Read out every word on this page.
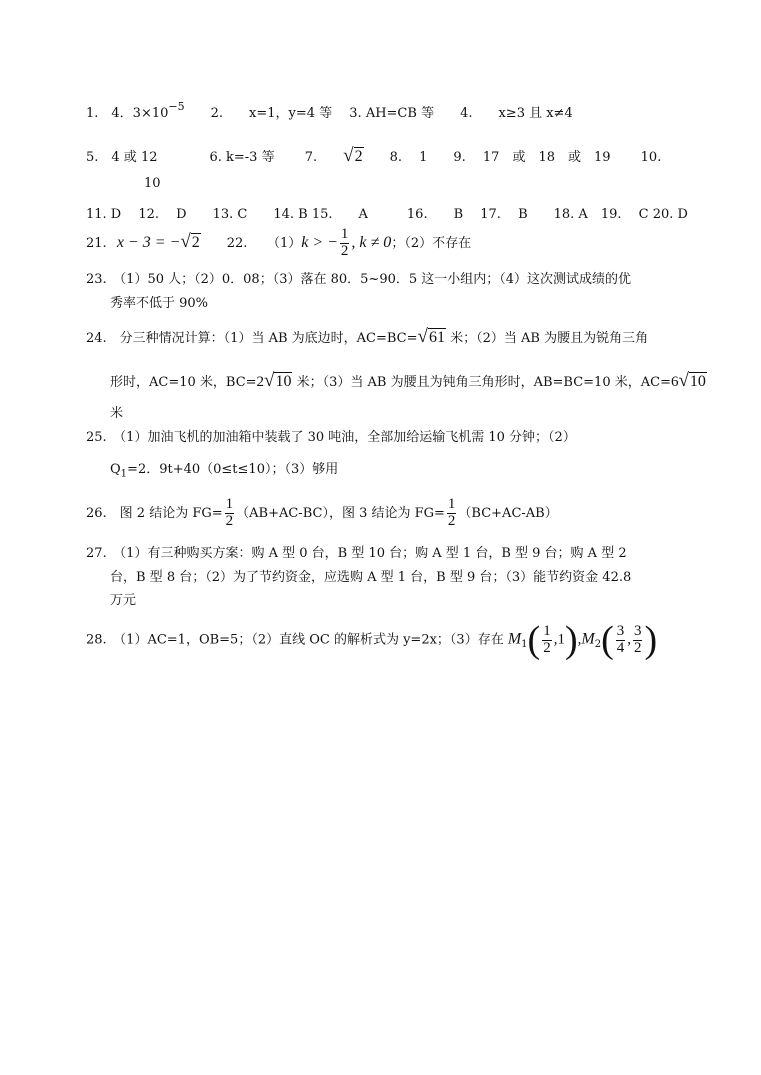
1.　4．$3\times 10^{-5}$　　2.　　x=1，y=4 等　 3. AH=CB 等　　4.　　x≥3 且 x≠4
5.　4 或 12　　　　6. k=-3 等　　 7.　　√2　　8.　 1　　9.　 17　或　18　或　19　　 10.
10
11. D　 12.　 D　　13. C　　14. B 15.　　A　　　16.　　B　 17.　 B　　18. A　19.　 C 20. D
21. x − 3 = −√2　　22.　　（1）k > − $\frac{1}{2}$ , k ≠ 0；（2）不存在
23.　（1）50 人；（2）0．08；（3）落在 80．5~90．5 这一小组内；（4）这次测试成绩的优
秀率不低于 90%
24.　分三种情况计算：（1）当 AB 为底边时，AC=BC=√61 米；（2）当 AB 为腰且为锐角三角
形时，AC=10 米，BC=2√10 米；（3）当 AB 为腰且为钝角三角形时，AB=BC=10 米，AC=6√10
米
25.　（1）加油飞机的加油箱中装载了 30 吨油，全部加给运输飞机需 10 分钟；（2）
$Q_1=2$．9t+40（0≤t≤10）；（3）够用
26.　图 2 结论为 $FG= \frac{1}{2} (AB+AC-BC)$，图 3 结论为 $FG= \frac{1}{2} (BC+AC-AB)$
27.　（1）有三种购买方案：购 A 型 0 台，B 型 10 台；购 A 型 1 台，B 型 9 台；购 A 型 2
台，B 型 8 台；（2）为了节约资金，应选购 A 型 1 台，B 型 9 台；（3）能节约资金 42.8
万元
28.　（1）AC=1，OB=5；（2）直线 OC 的解析式为 y=2x；（3）存在 $M_1( \frac{1}{2} ,1),M_2( \frac{3}{4}$ , $\frac{3}{2}$ )
